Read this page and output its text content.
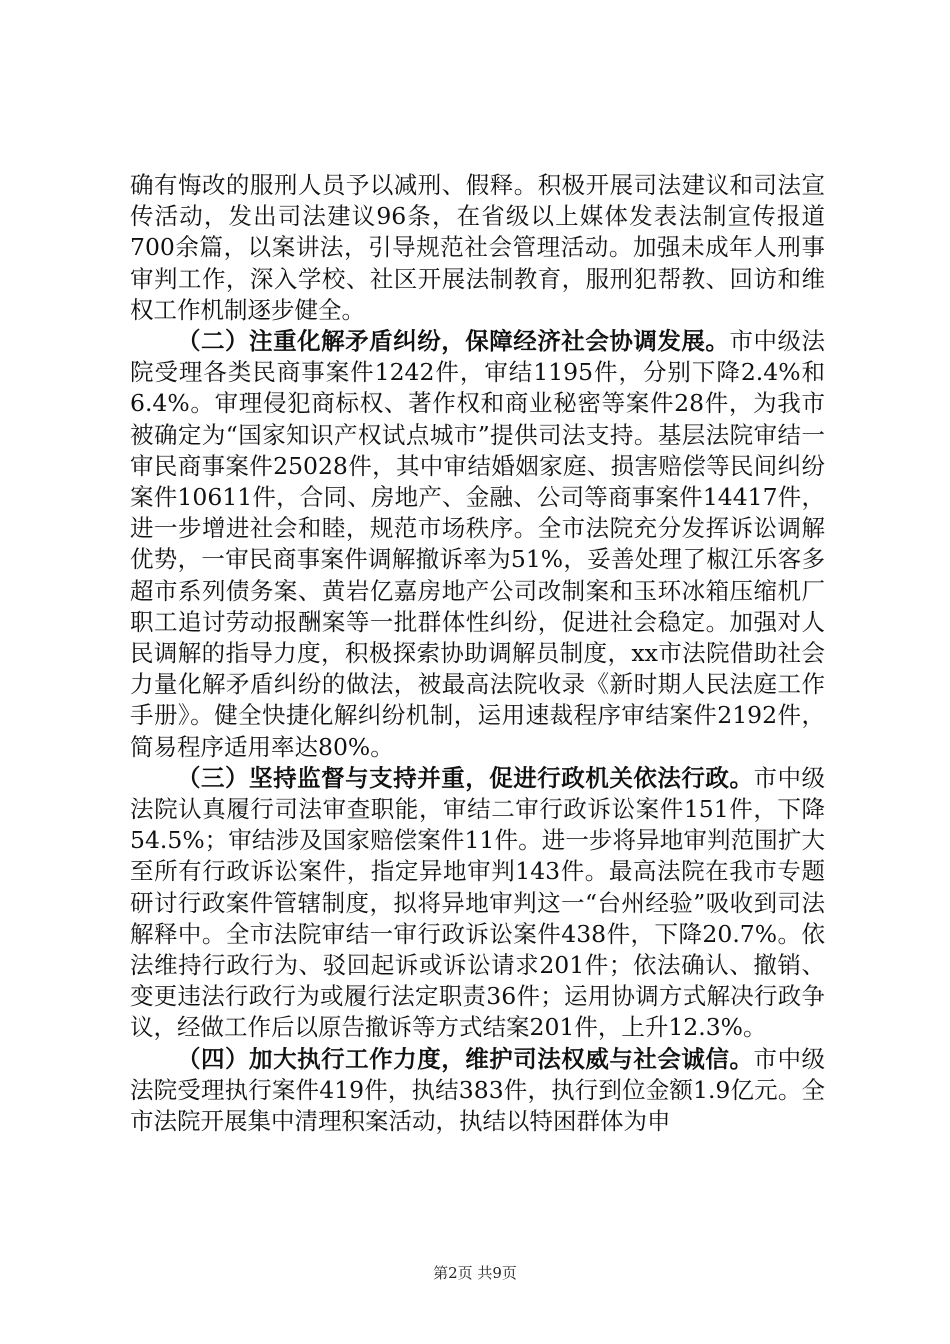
确有悔改的服刑人员予以减刑、假释。积极开展司法建议和司法宣传活动，发出司法建议96条，在省级以上媒体发表法制宣传报道700余篇，以案讲法，引导规范社会管理活动。加强未成年人刑事审判工作，深入学校、社区开展法制教育，服刑犯帮教、回访和维权工作机制逐步健全。

（二）注重化解矛盾纠纷，保障经济社会协调发展。市中级法院受理各类民商事案件1242件，审结1195件，分别下降2.4%和6.4%。审理侵犯商标权、著作权和商业秘密等案件28件，为我市被确定为“国家知识产权试点城市”提供司法支持。基层法院审结一审民商事案件25028件，其中审结婚姻家庭、损害赔偿等民间纠纷案件10611件，合同、房地产、金融、公司等商事案件14417件，进一步增进社会和睦，规范市场秩序。全市法院充分发挥诉讼调解优势，一审民商事案件调解撤诉率为51%，妥善处理了椒江乐客多超市系列债务案、黄岩亿嘉房地产公司改制案和玉环冰箱压缩机厂职工追讨劳动报酬案等一批群体性纠纷，促进社会稳定。加强对人民调解的指导力度，积极探索协助调解员制度，xx市法院借助社会力量化解矛盾纠纷的做法，被最高法院收录《新时期人民法庭工作手册》。健全快捷化解纠纷机制，运用速裁程序审结案件2192件，简易程序适用率达80%。

（三）坚持监督与支持并重，促进行政机关依法行政。市中级法院认真履行司法审查职能，审结二审行政诉讼案件151件，下降54.5%；审结涉及国家赔偿案件11件。进一步将异地审判范围扩大至所有行政诉讼案件，指定异地审判143件。最高法院在我市专题研讨行政案件管辖制度，拟将异地审判这一“台州经验”吸收到司法解释中。全市法院审结一审行政诉讼案件438件，下降20.7%。依法维持行政行为、驳回起诉或诉讼请求201件；依法确认、撤销、变更违法行政行为或履行法定职责36件；运用协调方式解决行政争议，经做工作后以原告撤诉等方式结案201件，上升12.3%。

（四）加大执行工作力度，维护司法权威与社会诚信。市中级法院受理执行案件419件，执结383件，执行到位金额1.9亿元。全市法院开展集中清理积案活动，执结以特困群体为申

第2页 共9页
